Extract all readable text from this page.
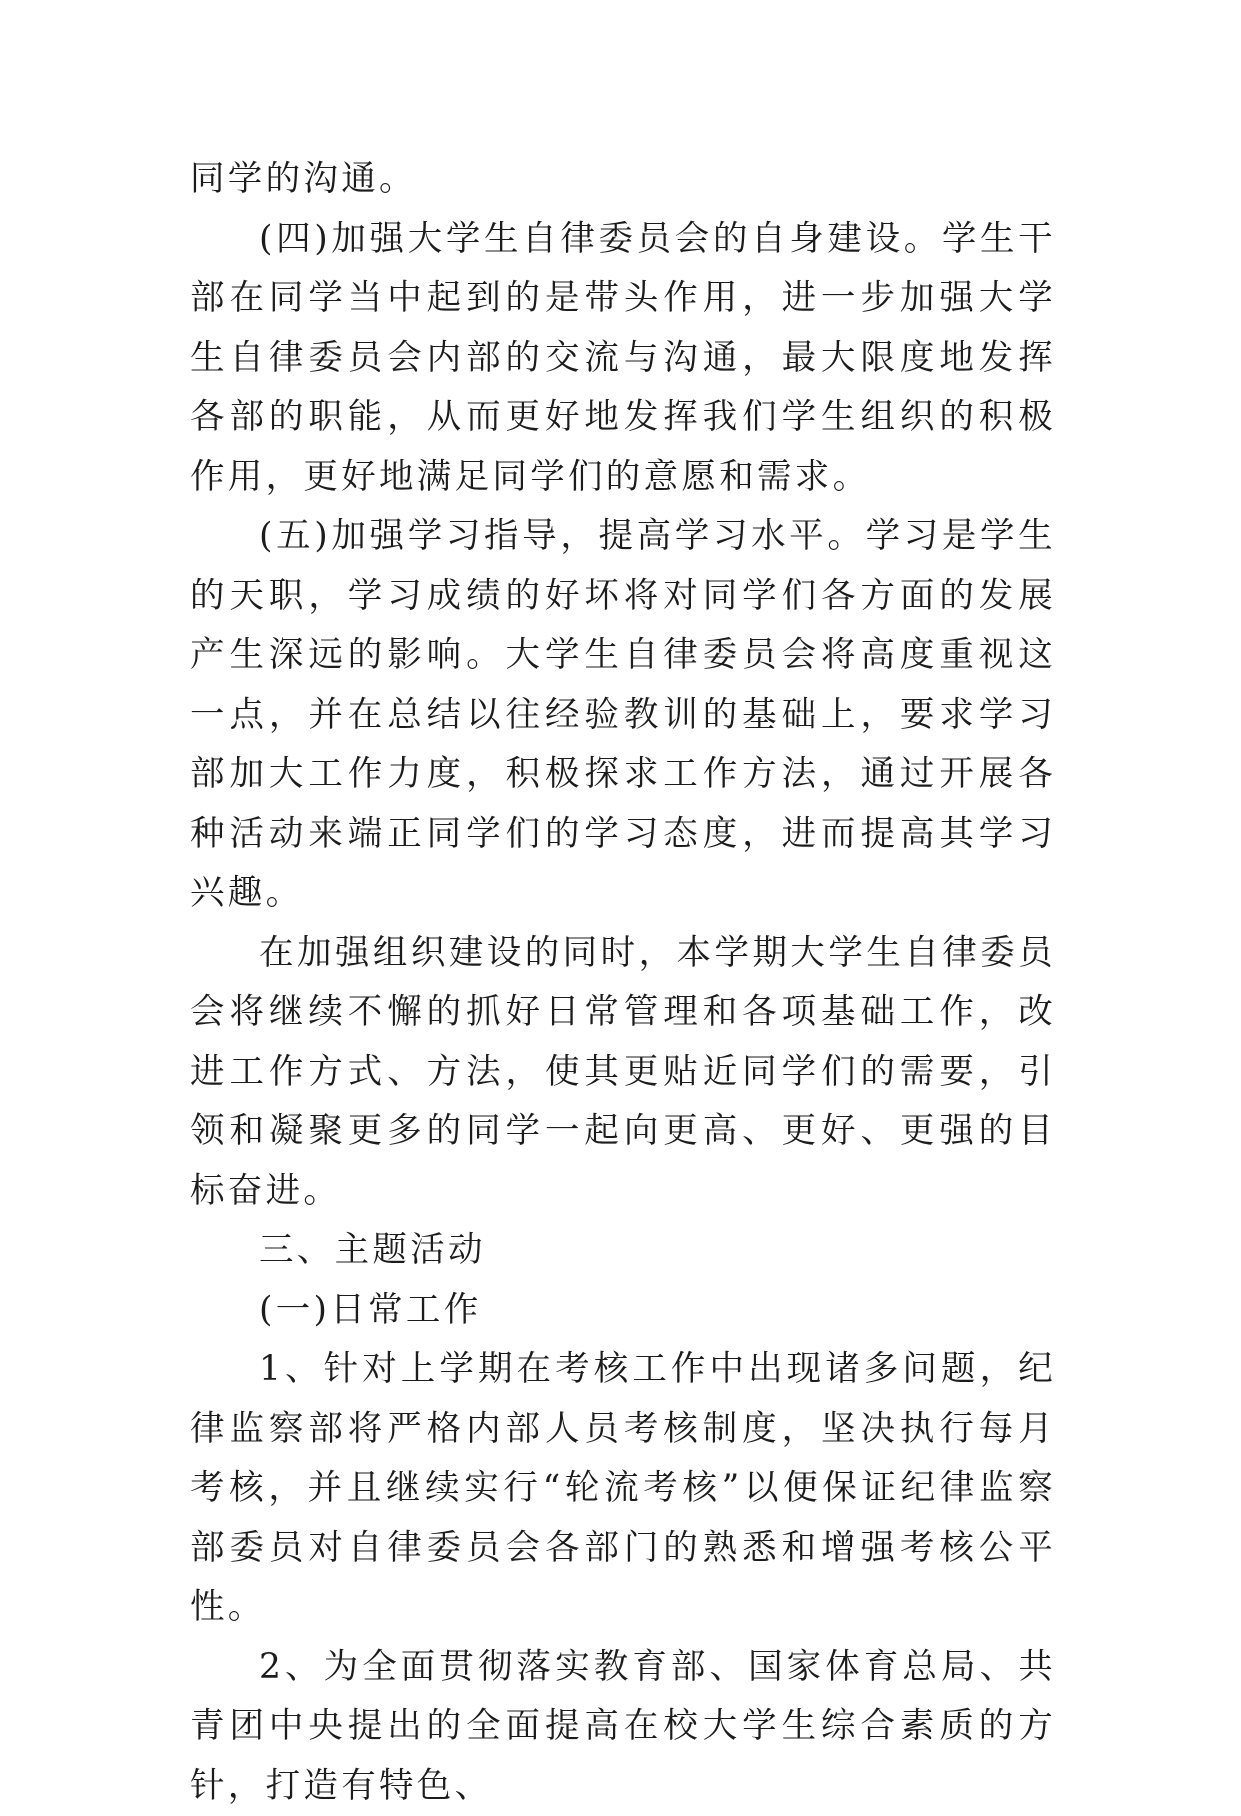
同学的沟通。

(四)加强大学生自律委员会的自身建设。学生干部在同学当中起到的是带头作用，进一步加强大学生自律委员会内部的交流与沟通，最大限度地发挥各部的职能，从而更好地发挥我们学生组织的积极作用，更好地满足同学们的意愿和需求。

(五)加强学习指导，提高学习水平。学习是学生的天职，学习成绩的好坏将对同学们各方面的发展产生深远的影响。大学生自律委员会将高度重视这一点，并在总结以往经验教训的基础上，要求学习部加大工作力度，积极探求工作方法，通过开展各种活动来端正同学们的学习态度，进而提高其学习兴趣。

在加强组织建设的同时，本学期大学生自律委员会将继续不懈的抓好日常管理和各项基础工作，改进工作方式、方法，使其更贴近同学们的需要，引领和凝聚更多的同学一起向更高、更好、更强的目标奋进。

三、主题活动

(一)日常工作

1、针对上学期在考核工作中出现诸多问题，纪律监察部将严格内部人员考核制度，坚决执行每月考核，并且继续实行“轮流考核”以便保证纪律监察部委员对自律委员会各部门的熟悉和增强考核公平性。

2、为全面贯彻落实教育部、国家体育总局、共青团中央提出的全面提高在校大学生综合素质的方针，打造有特色、
